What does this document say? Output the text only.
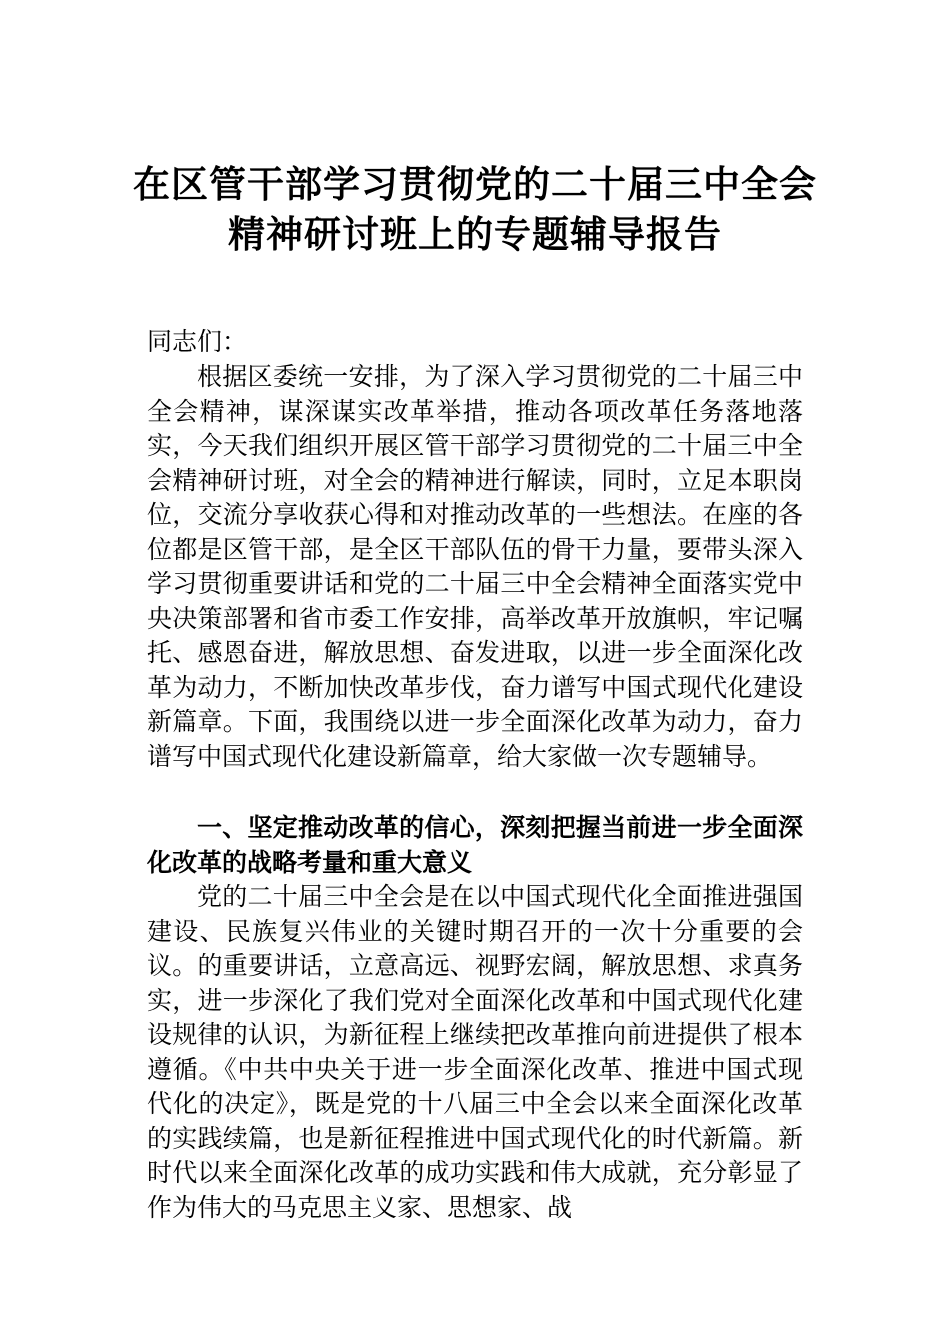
在区管干部学习贯彻党的二十届三中全会
精神研讨班上的专题辅导报告
同志们：
根据区委统一安排，为了深入学习贯彻党的二十届三中全会精神，谋深谋实改革举措，推动各项改革任务落地落实，今天我们组织开展区管干部学习贯彻党的二十届三中全会精神研讨班，对全会的精神进行解读，同时，立足本职岗位，交流分享收获心得和对推动改革的一些想法。在座的各位都是区管干部，是全区干部队伍的骨干力量，要带头深入学习贯彻重要讲话和党的二十届三中全会精神全面落实党中央决策部署和省市委工作安排，高举改革开放旗帜，牢记嘱托、感恩奋进，解放思想、奋发进取，以进一步全面深化改革为动力，不断加快改革步伐，奋力谱写中国式现代化建设新篇章。下面，我围绕以进一步全面深化改革为动力，奋力谱写中国式现代化建设新篇章，给大家做一次专题辅导。
一、坚定推动改革的信心，深刻把握当前进一步全面深化改革的战略考量和重大意义
党的二十届三中全会是在以中国式现代化全面推进强国建设、民族复兴伟业的关键时期召开的一次十分重要的会议。的重要讲话，立意高远、视野宏阔，解放思想、求真务实，进一步深化了我们党对全面深化改革和中国式现代化建设规律的认识，为新征程上继续把改革推向前进提供了根本遵循。《中共中央关于进一步全面深化改革、推进中国式现代化的决定》，既是党的十八届三中全会以来全面深化改革的实践续篇，也是新征程推进中国式现代化的时代新篇。新时代以来全面深化改革的成功实践和伟大成就，充分彰显了作为伟大的马克思主义家、思想家、战
